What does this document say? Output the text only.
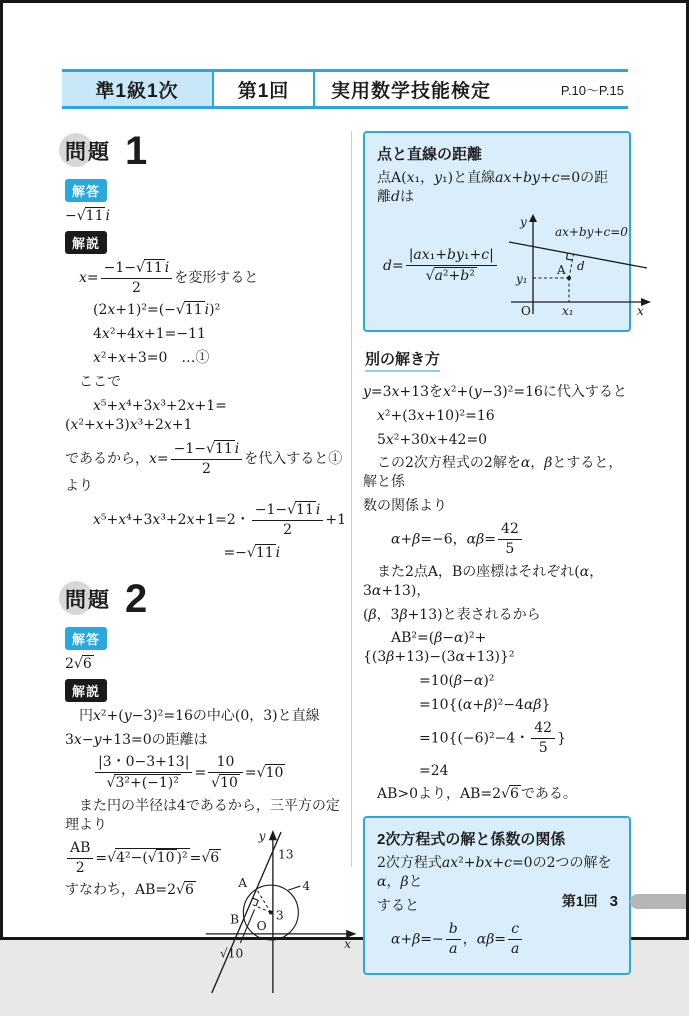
準1級1次	第1回	実用数学技能検定	P.10～P.15
問題 1
解答
−√11 i
解説
　$x= \frac{-1-√11 i}{2}$ を変形すると
　　(2x+1)²=(−√11 i)²
　　4x²+4x+1=−11
　　x²+x+3=0　…①
　ここで
　　x⁵+x⁴+3x³+2x+1=(x²+x+3)x³+2x+1
であるから，$x= \frac{-1-√11 i}{2}$ を代入すると①より
　　x⁵+x⁴+3x³+2x+1=2・ $\frac{-1-√11 i}{2} +1$
　　　　　　　　　　　 =−√11 i
問題 2
解答
2√6
解説
　円x²+(y−3)²=16の中心(0，3)と直線
3x−y+13=0の距離は

$\frac{|3・0-3+13|}{\text{√3²+(−1)²}} = \frac{10}{√10} =√10$
　また円の半径は4であるから，三平方の定理より
$\frac{AB}{2} =√4^2-(√10$ )² =√6
すなわち，AB=2√6
y
x
13
A
B	3
O
4
√10
点と直線の距離
点A(x₁，y₁)と直線ax+by+c=0の距離dは
$d= \frac{\text{|ax₁+by₁+c|}}{\text{√a²+b²}}$
y
x
ax+by+c=0
A d
y₁
x₁
O
別の解き方
y=3x+13をx²+(y−3)²=16に代入すると
　x²+(3x+10)²=16
　5x²+30x+42=0
　この2次方程式の2解をα，βとすると，解と係
数の関係より
　　α+β=−6，$\alpha\beta= \frac{42}{5}$
　また2点A，Bの座標はそれぞれ(α，3α+13)，
(β，3β+13)と表されるから
　　AB²=(β−α)²+{(3β+13)−(3α+13)}²
　　　　=10(β−α)²
　　　　=10{(α+β)²−4αβ}
　　　　=10{(−6)²−4・ $\frac{42}{5}$ }
　　　　=24
　AB>0より，AB=2√6 である。
2次方程式の解と係数の関係
2次方程式ax²+bx+c=0の2つの解をα，βと
すると
　$\alpha+\beta=- \frac{b}{a}$ ，$\alpha\beta= \frac{c}{a}$
第1回 3
